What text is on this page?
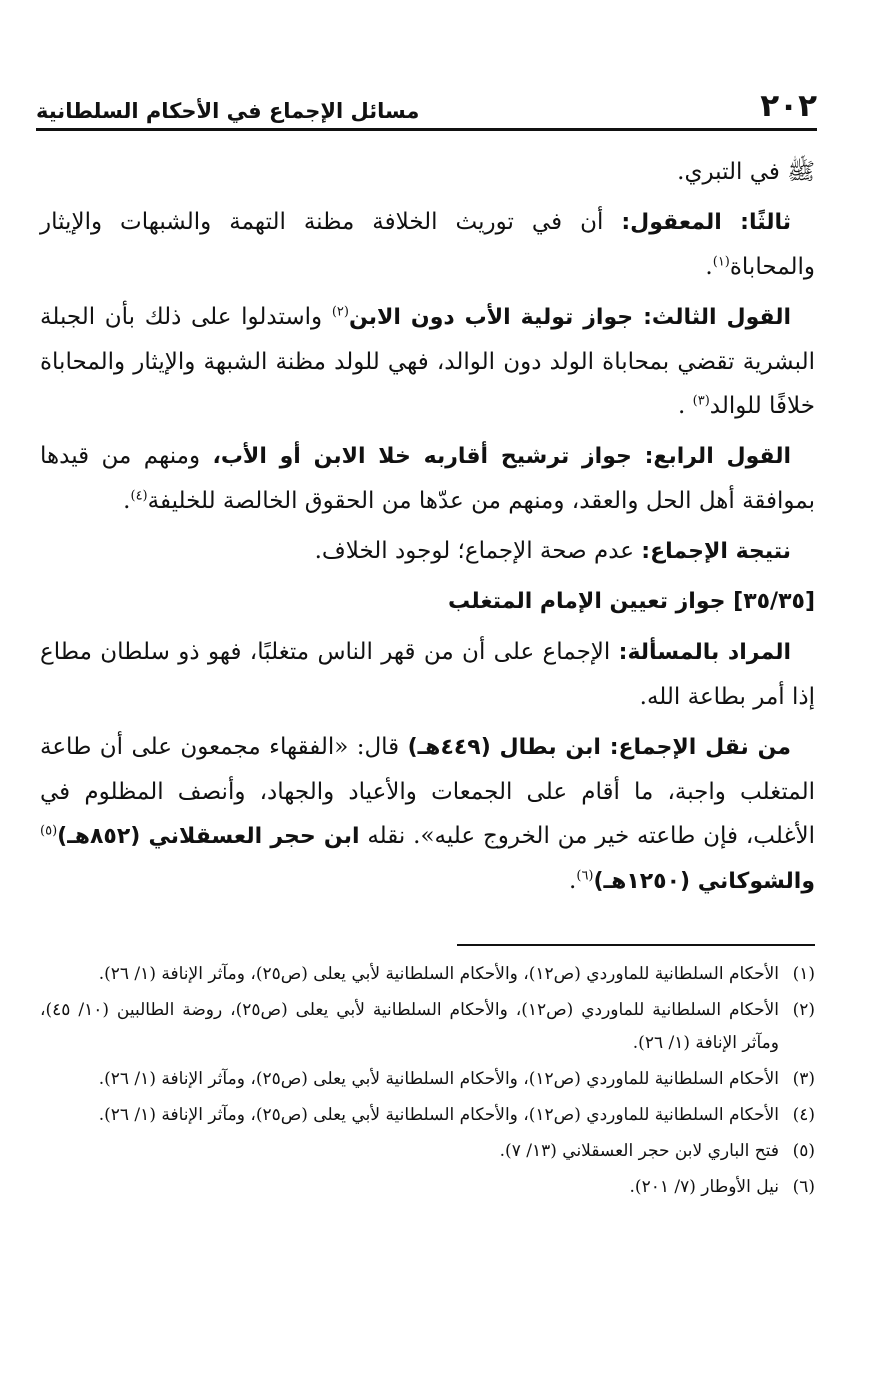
٢٠٢
مسائل الإجماع في الأحكام السلطانية

ﷺ في التبري.

ثالثًا: المعقول: أن في توريث الخلافة مظنة التهمة والشبهات والإيثار والمحاباة$^{(١)}$.

القول الثالث: جواز تولية الأب دون الابن$^{(٢)}$ واستدلوا على ذلك بأن الجبلة البشرية تقضي بمحاباة الولد دون الوالد، فهي للولد مظنة الشبهة والإيثار والمحاباة خلافًا للوالد$^{(٣)}$ .

القول الرابع: جواز ترشيح أقاربه خلا الابن أو الأب، ومنهم من قيدها بموافقة أهل الحل والعقد، ومنهم من عدّها من الحقوق الخالصة للخليفة$^{(٤)}$.

نتيجة الإجماع: عدم صحة الإجماع؛ لوجود الخلاف.

[٣٥/٣٥] جواز تعيين الإمام المتغلب

المراد بالمسألة: الإجماع على أن من قهر الناس متغلبًا، فهو ذو سلطان مطاع إذا أمر بطاعة الله.

من نقل الإجماع: ابن بطال (٤٤٩هـ) قال: «الفقهاء مجمعون على أن طاعة المتغلب واجبة، ما أقام على الجمعات والأعياد والجهاد، وأنصف المظلوم في الأغلب، فإن طاعته خير من الخروج عليه». نقله ابن حجر العسقلاني (٨٥٢هـ)$^{(٥)}$ والشوكاني (١٢٥٠هـ)$^{(٦)}$.

(١)
الأحكام السلطانية للماوردي (ص١٢)، والأحكام السلطانية لأبي يعلى (ص٢٥)، ومآثر الإنافة (١/ ٢٦).
(٢)
الأحكام السلطانية للماوردي (ص١٢)، والأحكام السلطانية لأبي يعلى (ص٢٥)، روضة الطالبين (١٠/ ٤٥)، ومآثر الإنافة (١/ ٢٦).
(٣)
الأحكام السلطانية للماوردي (ص١٢)، والأحكام السلطانية لأبي يعلى (ص٢٥)، ومآثر الإنافة (١/ ٢٦).
(٤)
الأحكام السلطانية للماوردي (ص١٢)، والأحكام السلطانية لأبي يعلى (ص٢٥)، ومآثر الإنافة (١/ ٢٦).
(٥)
فتح الباري لابن حجر العسقلاني (١٣/ ٧).
(٦)
نيل الأوطار (٧/ ٢٠١).
